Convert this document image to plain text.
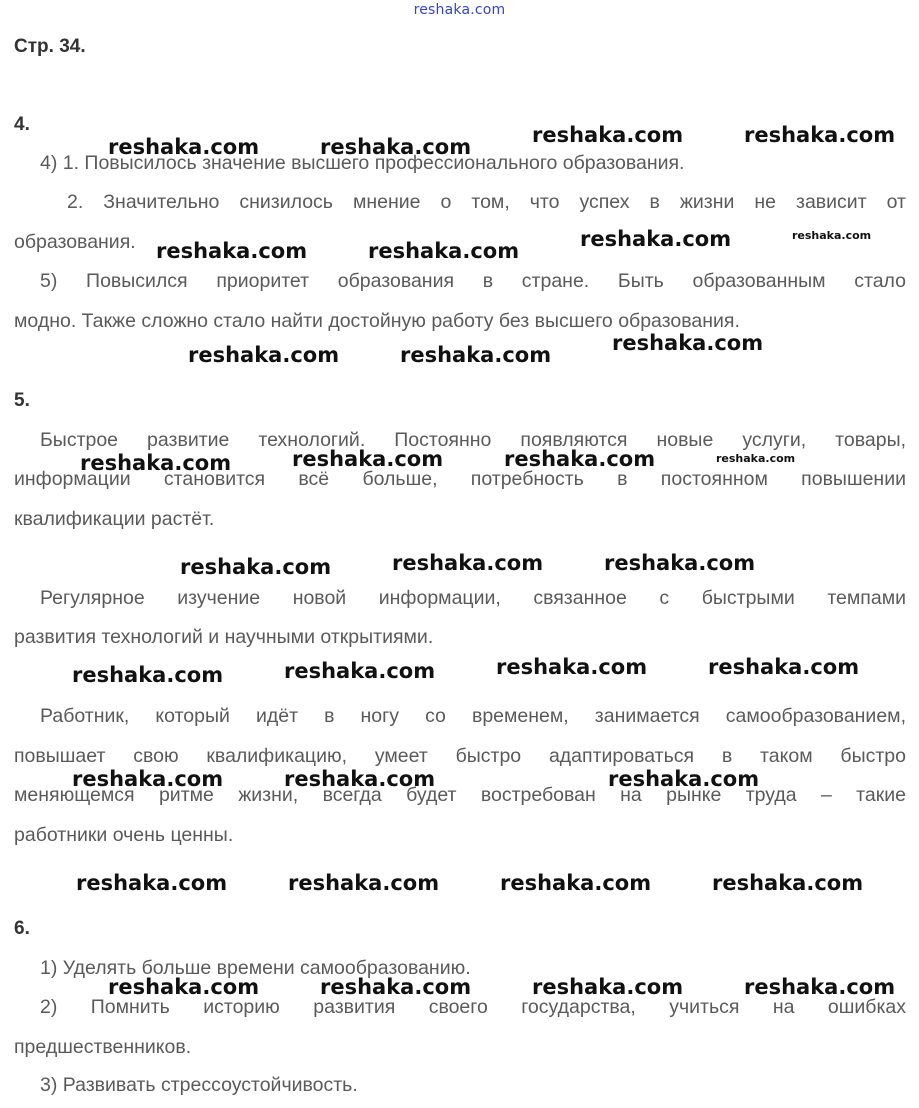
reshaka.com
Стр. 34.
4.
4) 1. Повысилось значение высшего профессионального образования.
2. Значительно снизилось мнение о том, что успех в жизни не зависит от
образования.
5) Повысился приоритет образования в стране. Быть образованным стало
модно. Также сложно стало найти достойную работу без высшего образования.
5.
Быстрое развитие технологий. Постоянно появляются новые услуги, товары,
информации становится всё больше, потребность в постоянном повышении
квалификации растёт.
Регулярное изучение новой информации, связанное с быстрыми темпами
развития технологий и научными открытиями.
Работник, который идёт в ногу со временем, занимается самообразованием,
повышает свою квалификацию, умеет быстро адаптироваться в таком быстро
меняющемся ритме жизни, всегда будет востребован на рынке труда – такие
работники очень ценны.
6.
1) Уделять больше времени самообразованию.
2) Помнить историю развития своего государства, учиться на ошибках
предшественников.
3) Развивать стрессоустойчивость.
reshaka.com	reshaka.com	reshaka.com	reshaka.com
reshaka.com	reshaka.com	reshaka.com	reshaka.com
reshaka.com	reshaka.com	reshaka.com
reshaka.com	reshaka.com	reshaka.com	reshaka.com
reshaka.com	reshaka.com	reshaka.com
reshaka.com	reshaka.com	reshaka.com	reshaka.com
reshaka.com	reshaka.com	reshaka.com
reshaka.com	reshaka.com	reshaka.com	reshaka.com
reshaka.com	reshaka.com	reshaka.com	reshaka.com
